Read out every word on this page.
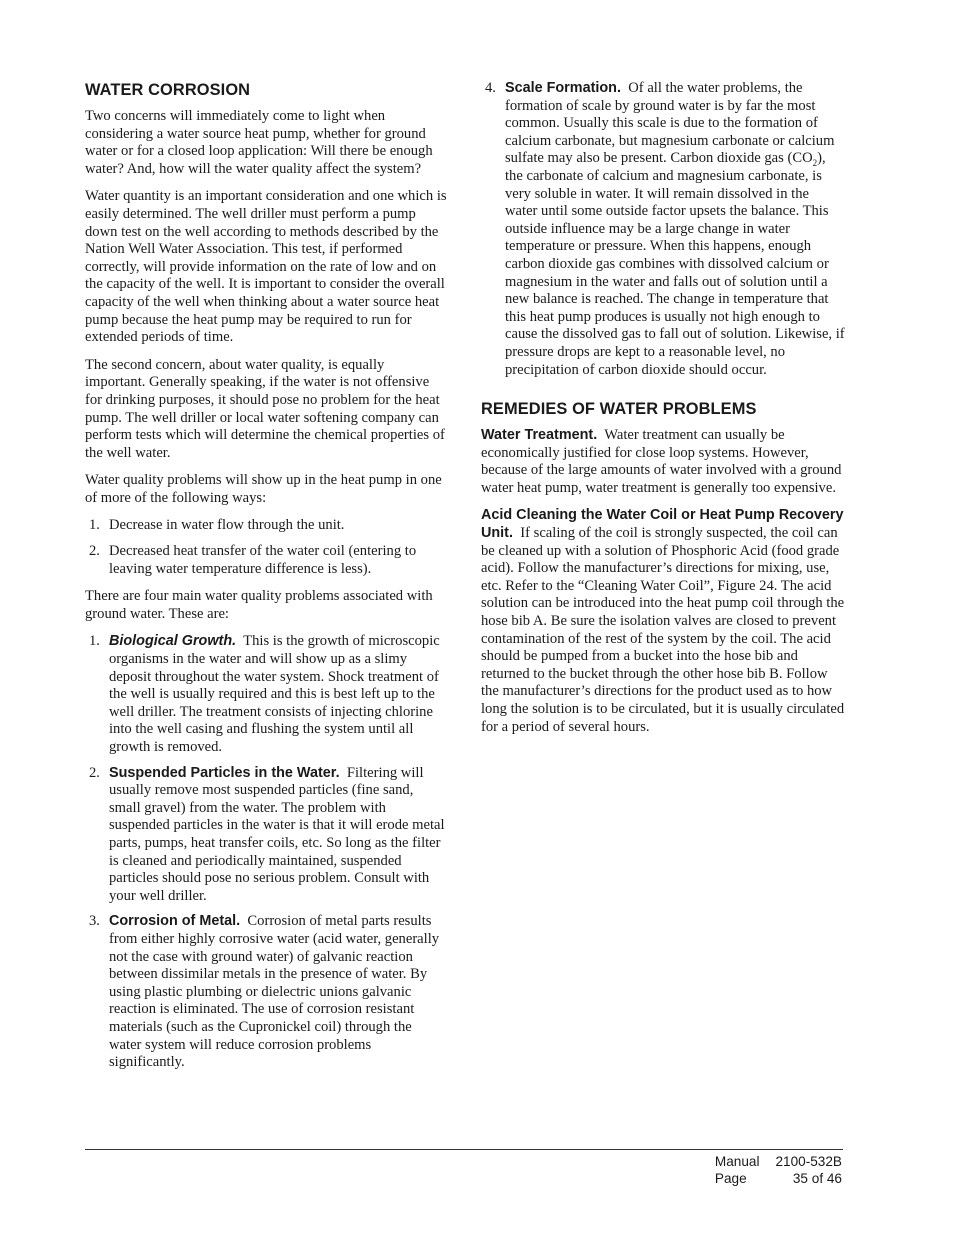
WATER CORROSION

Two concerns will immediately come to light when considering a water source heat pump, whether for ground water or for a closed loop application: Will there be enough water? And, how will the water quality affect the system?

Water quantity is an important consideration and one which is easily determined. The well driller must perform a pump down test on the well according to methods described by the Nation Well Water Association. This test, if performed correctly, will provide information on the rate of low and on the capacity of the well. It is important to consider the overall capacity of the well when thinking about a water source heat pump because the heat pump may be required to run for extended periods of time.

The second concern, about water quality, is equally important. Generally speaking, if the water is not offensive for drinking purposes, it should pose no problem for the heat pump. The well driller or local water softening company can perform tests which will determine the chemical properties of the well water.

Water quality problems will show up in the heat pump in one of more of the following ways:

1. Decrease in water flow through the unit.
2. Decreased heat transfer of the water coil (entering to leaving water temperature difference is less).

There are four main water quality problems associated with ground water. These are:

1. Biological Growth. This is the growth of microscopic organisms in the water and will show up as a slimy deposit throughout the water system. Shock treatment of the well is usually required and this is best left up to the well driller. The treatment consists of injecting chlorine into the well casing and flushing the system until all growth is removed.
2. Suspended Particles in the Water. Filtering will usually remove most suspended particles (fine sand, small gravel) from the water. The problem with suspended particles in the water is that it will erode metal parts, pumps, heat transfer coils, etc. So long as the filter is cleaned and periodically maintained, suspended particles should pose no serious problem. Consult with your well driller.
3. Corrosion of Metal. Corrosion of metal parts results from either highly corrosive water (acid water, generally not the case with ground water) of galvanic reaction between dissimilar metals in the presence of water. By using plastic plumbing or dielectric unions galvanic reaction is eliminated. The use of corrosion resistant materials (such as the Cupronickel coil) through the water system will reduce corrosion problems significantly.
4. Scale Formation. Of all the water problems, the formation of scale by ground water is by far the most common. Usually this scale is due to the formation of calcium carbonate, but magnesium carbonate or calcium sulfate may also be present. Carbon dioxide gas $(CO_2)$, the carbonate of calcium and magnesium carbonate, is very soluble in water. It will remain dissolved in the water until some outside factor upsets the balance. This outside influence may be a large change in water temperature or pressure. When this happens, enough carbon dioxide gas combines with dissolved calcium or magnesium in the water and falls out of solution until a new balance is reached. The change in temperature that this heat pump produces is usually not high enough to cause the dissolved gas to fall out of solution. Likewise, if pressure drops are kept to a reasonable level, no precipitation of carbon dioxide should occur.
REMEDIES OF WATER PROBLEMS

Water Treatment. Water treatment can usually be economically justified for close loop systems. However, because of the large amounts of water involved with a ground water heat pump, water treatment is generally too expensive.

Acid Cleaning the Water Coil or Heat Pump Recovery Unit. If scaling of the coil is strongly suspected, the coil can be cleaned up with a solution of Phosphoric Acid (food grade acid). Follow the manufacturer’s directions for mixing, use, etc. Refer to the “Cleaning Water Coil”, Figure 24. The acid solution can be introduced into the heat pump coil through the hose bib A. Be sure the isolation valves are closed to prevent contamination of the rest of the system by the coil. The acid should be pumped from a bucket into the hose bib and returned to the bucket through the other hose bib B. Follow the manufacturer’s directions for the product used as to how long the solution is to be circulated, but it is usually circulated for a period of several hours.

Manual	2100-532B
Page	35 of 46
